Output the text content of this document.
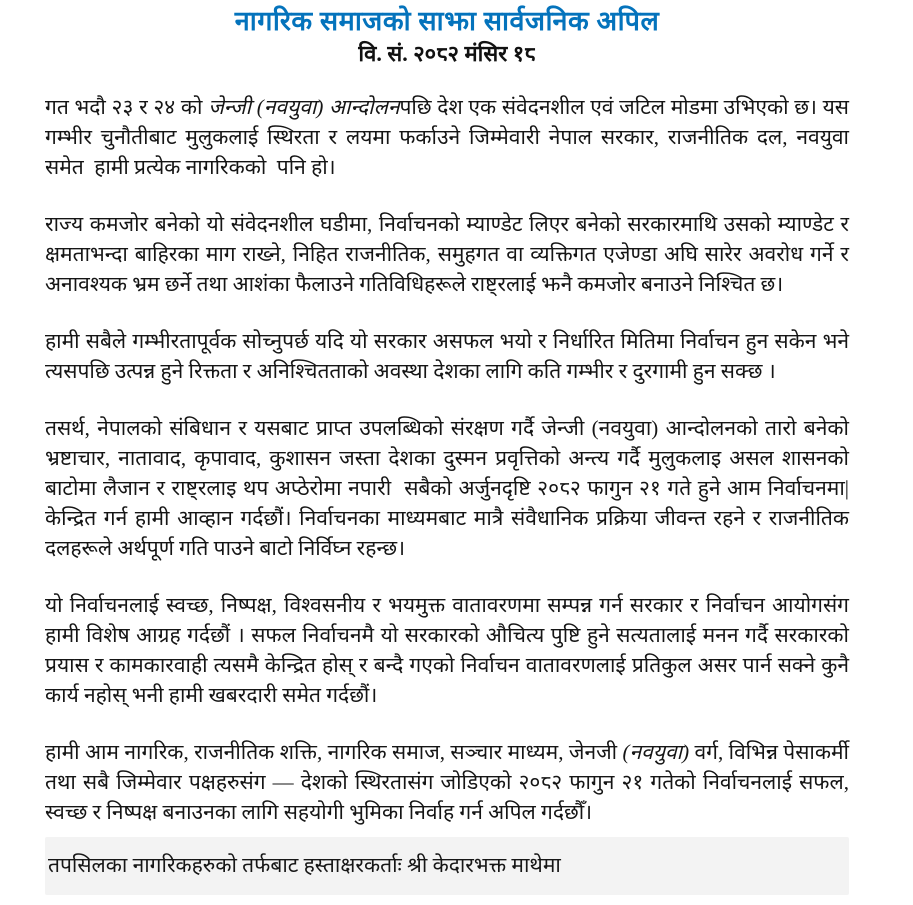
नागरिक समाजको साझा सार्वजनिक अपिल
वि. सं. २०८२ मंसिर १८

गत भदौ २३ र २४ को जेन्जी (नवयुवा) आन्दोलनपछि देश एक संवेदनशील एवं जटिल मोडमा उभिएको छ। यस गम्भीर चुनौतीबाट मुलुकलाई स्थिरता र लयमा फर्काउने जिम्मेवारी नेपाल सरकार, राजनीतिक दल, नवयुवा समेत  हामी प्रत्येक नागरिकको  पनि हो।

राज्य कमजोर बनेको यो संवेदनशील घडीमा, निर्वाचनको म्याण्डेट लिएर बनेको सरकारमाथि उसको म्याण्डेट र क्षमताभन्दा बाहिरका माग राख्ने, निहित राजनीतिक, समुहगत वा व्यक्तिगत एजेण्डा अघि सारेर अवरोध गर्ने र अनावश्यक भ्रम छर्ने तथा आशंका फैलाउने गतिविधिहरूले राष्ट्रलाई झनै कमजोर बनाउने निश्चित छ।

हामी सबैले गम्भीरतापूर्वक सोच्नुपर्छ यदि यो सरकार असफल भयो र निर्धारित मितिमा निर्वाचन हुन सकेन भने त्यसपछि उत्पन्न हुने रिक्तता र अनिश्चितताको अवस्था देशका लागि कति गम्भीर र दुरगामी हुन सक्छ ।

तसर्थ, नेपालको संबिधान र यसबाट प्राप्त उपलब्धिको संरक्षण गर्दै जेन्जी (नवयुवा) आन्दोलनको तारो बनेको भ्रष्टाचार, नातावाद, कृपावाद, कुशासन जस्ता देशका दुस्मन प्रवृत्तिको अन्त्य गर्दै मुलुकलाइ असल शासनको बाटोमा लैजान र राष्ट्रलाइ थप अप्ठेरोमा नपारी  सबैको अर्जुनदृष्टि २०८२ फागुन २१ गते हुने आम निर्वाचनमा| केन्द्रित गर्न हामी आव्हान गर्दछौं। निर्वाचनका माध्यमबाट मात्रै संवैधानिक प्रक्रिया जीवन्त रहने र राजनीतिक दलहरूले अर्थपूर्ण गति पाउने बाटो निर्विघ्न रहन्छ।

यो निर्वाचनलाई स्वच्छ, निष्पक्ष, विश्वसनीय र भयमुक्त वातावरणमा सम्पन्न गर्न सरकार र निर्वाचन आयोगसंग हामी विशेष आग्रह गर्दछौं । सफल निर्वाचनमै यो सरकारको औचित्य पुष्टि हुने सत्यतालाई मनन गर्दै सरकारको प्रयास र कामकारवाही त्यसमै केन्द्रित होस् र बन्दै गएको निर्वाचन वातावरणलाई प्रतिकुल असर पार्न सक्ने कुनै कार्य नहोस् भनी हामी खबरदारी समेत गर्दछौं।

हामी आम नागरिक, राजनीतिक शक्ति, नागरिक समाज, सञ्चार माध्यम, जेनजी (नवयुवा) वर्ग, विभिन्न पेसाकर्मी तथा सबै जिम्मेवार पक्षहरुसंग — देशको स्थिरतासंग जोडिएको २०८२ फागुन २१ गतेको निर्वाचनलाई सफल, स्वच्छ र निष्पक्ष बनाउनका लागि सहयोगी भुमिका निर्वाह गर्न अपिल गर्दछौँ।

तपसिलका नागरिकहरुको तर्फबाट हस्ताक्षरकर्ताः श्री केदारभक्त माथेमा
